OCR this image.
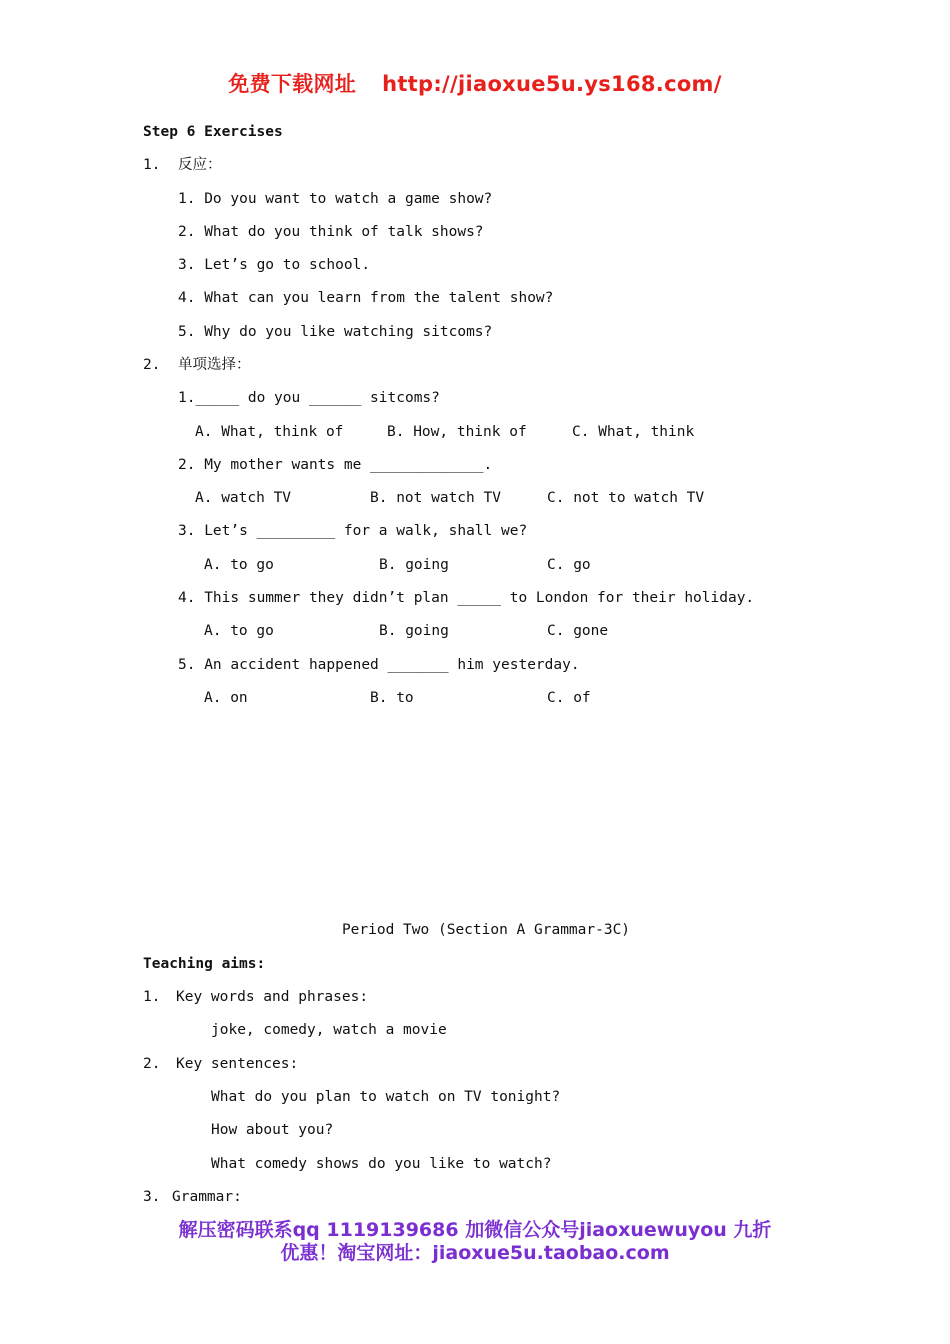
免费下载网址 http://jiaoxue5u.ys168.com/
Step 6 Exercises
1. 反应：
1. Do you want to watch a game show?
2. What do you think of talk shows?
3. Let’s go to school.
4. What can you learn from the talent show?
5. Why do you like watching sitcoms?
2. 单项选择：
1._____ do you ______ sitcoms?
A. What, think of	B. How, think of	C. What, think
2. My mother wants me _____________.
A. watch TV	B. not watch TV	C. not to watch TV
3. Let’s _________ for a walk, shall we?
A. to go	B. going	C. go
4. This summer they didn’t plan _____ to London for their holiday.
A. to go	B. going	C. gone
5. An accident happened _______ him yesterday.
A. on	B. to	C. of
Period Two (Section A Grammar-3C)
Teaching aims:
1. Key words and phrases:
joke, comedy, watch a movie
2. Key sentences:
What do you plan to watch on TV tonight?
How about you?
What comedy shows do you like to watch?
3. Grammar:
解压密码联系qq 1119139686 加微信公众号jiaoxuewuyou 九折
优惠！淘宝网址：jiaoxue5u.taobao.com
